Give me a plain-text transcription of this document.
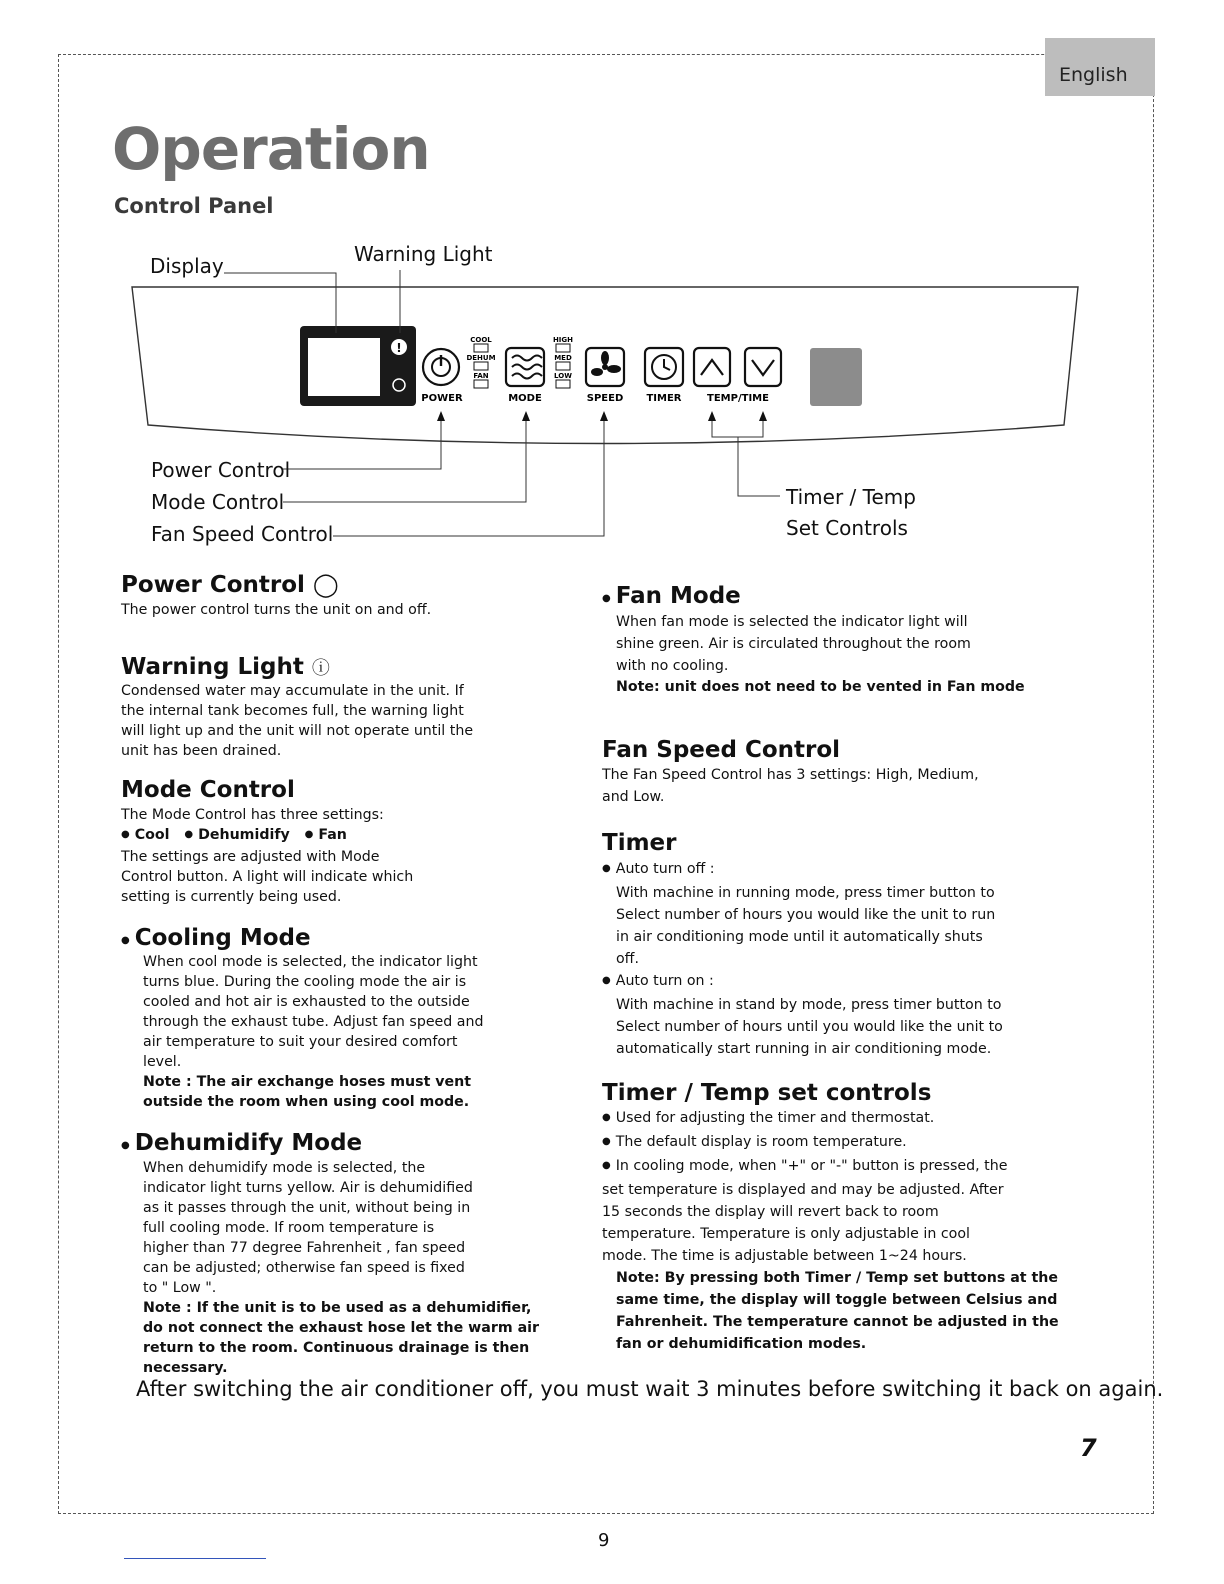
English
Operation
Control Panel
!
COOL
DEHUM
FAN
HIGH
MED
LOW
POWER	MODE	SPEED TIMER	TEMP/TIME
Display	Warning Light
Power Control
Mode Control
Fan Speed Control
Timer / Temp
Set Controls
Power Control ◯

The power control turns the unit on and off.

Warning Light ⓘ

Condensed water may accumulate in the unit. If the internal tank becomes full, the warning light will light up and the unit will not operate until the unit has been drained.

Mode Control

The Mode Control has three settings:

● Cool ● Dehumidify ● Fan

The settings are adjusted with Mode Control button. A light will indicate which setting is currently being used.

● Cooling Mode

When cool mode is selected, the indicator light turns blue. During the cooling mode the air is cooled and hot air is exhausted to the outside through the exhaust tube. Adjust fan speed and air temperature to suit your desired comfort level.

Note : The air exchange hoses must vent outside the room when using cool mode.

● Dehumidify Mode

When dehumidify mode is selected, the indicator light turns yellow. Air is dehumidified as it passes through the unit, without being in full cooling mode. If room temperature is higher than 77 degree Fahrenheit , fan speed can be adjusted; otherwise fan speed is fixed to " Low ".

Note : If the unit is to be used as a dehumidifier, do not connect the exhaust hose let the warm air return to the room. Continuous drainage is then necessary.

● Fan Mode

When fan mode is selected the indicator light will shine green. Air is circulated throughout the room with no cooling.

Note: unit does not need to be vented in Fan mode

Fan Speed Control

The Fan Speed Control has 3 settings: High, Medium, and Low.

Timer

● Auto turn off :

With machine in running mode, press timer button to Select number of hours you would like the unit to run in air conditioning mode until it automatically shuts off.

● Auto turn on :

With machine in stand by mode, press timer button to Select number of hours until you would like the unit to automatically start running in air conditioning mode.

Timer / Temp set controls

● Used for adjusting the timer and thermostat.

● The default display is room temperature.

● In cooling mode, when "+" or "-" button is pressed, the set temperature is displayed and may be adjusted. After 15 seconds the display will revert back to room temperature. Temperature is only adjustable in cool mode. The time is adjustable between 1~24 hours.

Note: By pressing both Timer / Temp set buttons at the same time, the display will toggle between Celsius and Fahrenheit. The temperature cannot be adjusted in the fan or dehumidification modes.

After switching the air conditioner off, you must wait 3 minutes before switching it back on again.
7
9
